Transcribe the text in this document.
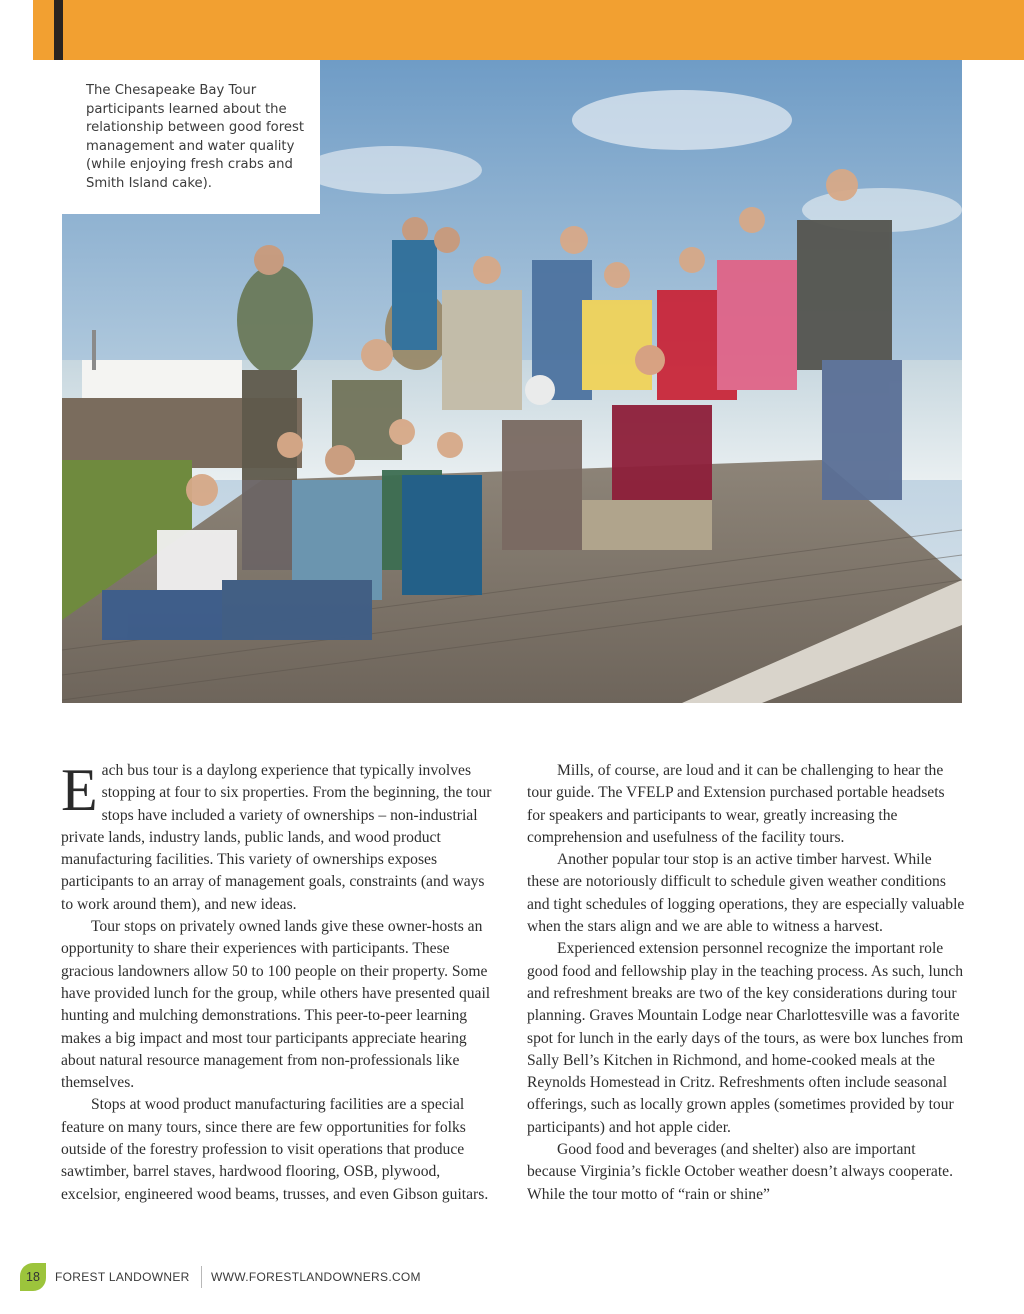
The Chesapeake Bay Tour participants learned about the relationship between good forest management and water quality (while enjoying fresh crabs and Smith Island cake).

Each bus tour is a daylong experience that typically involves stopping at four to six properties. From the beginning, the tour stops have included a variety of ownerships – non-industrial private lands, industry lands, public lands, and wood product manufacturing facilities. This variety of ownerships exposes participants to an array of management goals, constraints (and ways to work around them), and new ideas.

Tour stops on privately owned lands give these owner-hosts an opportunity to share their experiences with participants. These gracious landowners allow 50 to 100 people on their property. Some have provided lunch for the group, while others have presented quail hunting and mulching demonstrations. This peer-to-peer learning makes a big impact and most tour participants appreciate hearing about natural resource management from non-professionals like themselves.

Stops at wood product manufacturing facilities are a special feature on many tours, since there are few opportunities for folks outside of the forestry profession to visit operations that produce sawtimber, barrel staves, hardwood flooring, OSB, plywood, excelsior, engineered wood beams, trusses, and even Gibson guitars.

Mills, of course, are loud and it can be challenging to hear the tour guide. The VFELP and Extension purchased portable headsets for speakers and participants to wear, greatly increasing the comprehension and usefulness of the facility tours.

Another popular tour stop is an active timber harvest. While these are notoriously difficult to schedule given weather conditions and tight schedules of logging operations, they are especially valuable when the stars align and we are able to witness a harvest.

Experienced extension personnel recognize the important role good food and fellowship play in the teaching process. As such, lunch and refreshment breaks are two of the key considerations during tour planning. Graves Mountain Lodge near Charlottesville was a favorite spot for lunch in the early days of the tours, as were box lunches from Sally Bell’s Kitchen in Richmond, and home-cooked meals at the Reynolds Homestead in Critz. Refreshments often include seasonal offerings, such as locally grown apples (sometimes provided by tour participants) and hot apple cider.

Good food and beverages (and shelter) also are important because Virginia’s fickle October weather doesn’t always cooperate. While the tour motto of “rain or shine”

18	FOREST LANDOWNER WWW.FORESTLANDOWNERS.COM
